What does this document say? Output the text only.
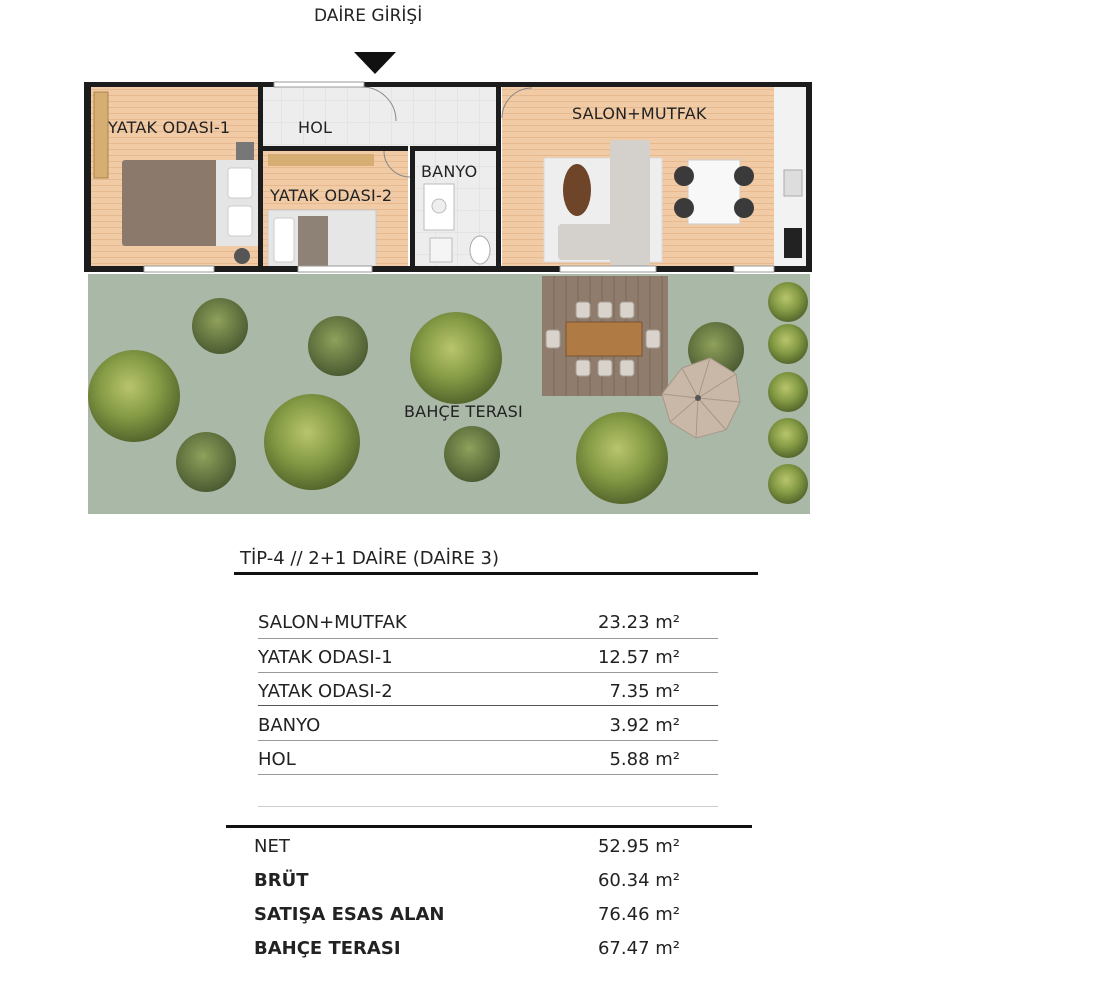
DAİRE GİRİŞİ
YATAK ODASI-1	HOL
SALON+MUTFAK
BANYO
YATAK ODASI-2
BAHÇE TERASI
TİP-4 // 2+1 DAİRE (DAİRE 3)
SALON+MUTFAK	23.23 m²
YATAK ODASI-1	12.57 m²
YATAK ODASI-2	7.35 m²
BANYO	3.92 m²
HOL	5.88 m²
NET	52.95 m²
BRÜT	60.34 m²
SATIŞA ESAS ALAN	76.46 m²
BAHÇE TERASI	67.47 m²
